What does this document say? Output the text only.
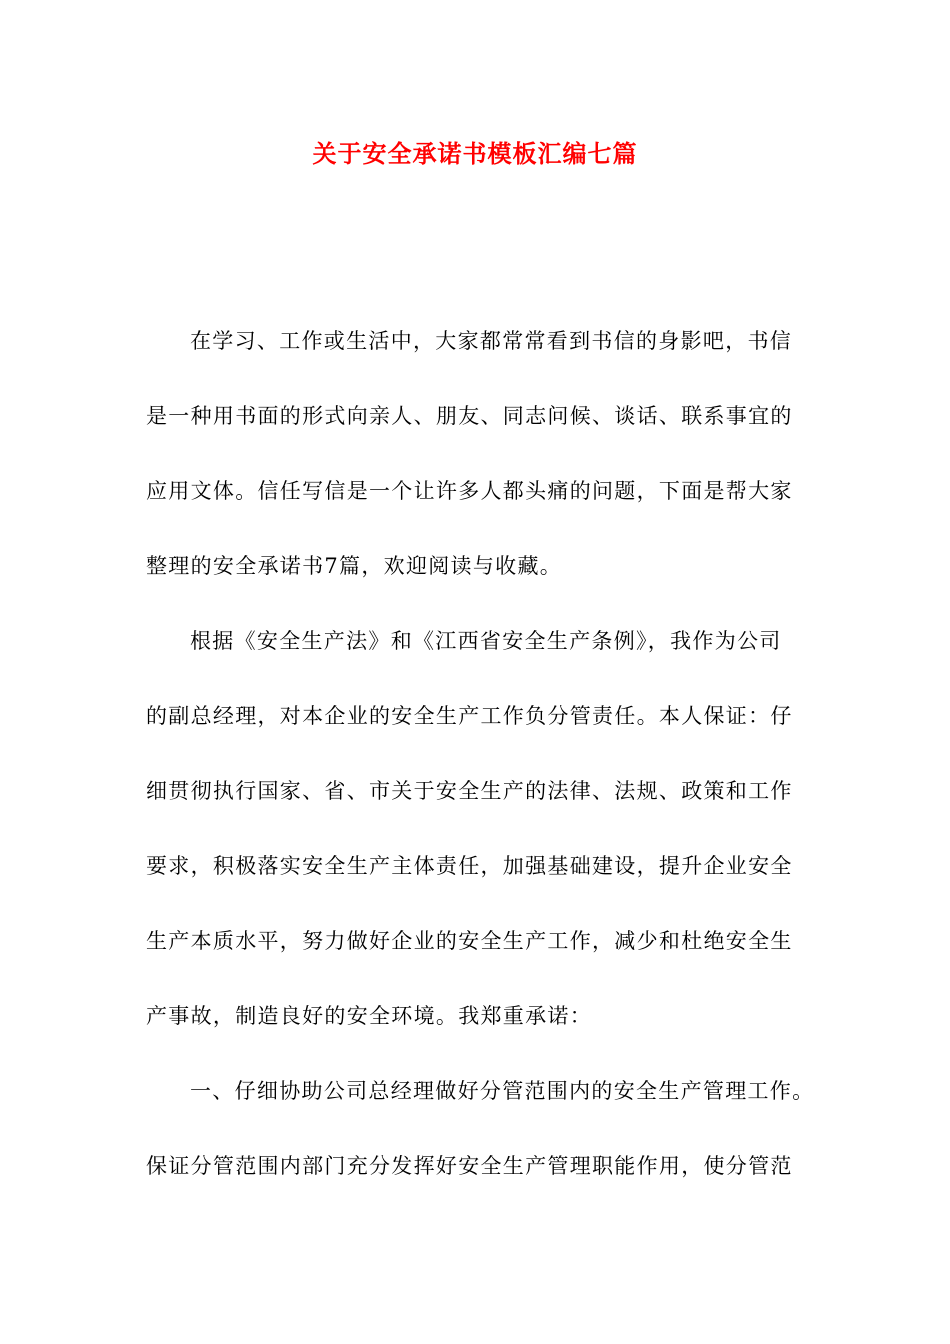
关于安全承诺书模板汇编七篇
在学习、工作或生活中，大家都常常看到书信的身影吧，书信
是一种用书面的形式向亲人、朋友、同志问候、谈话、联系事宜的
应用文体。信任写信是一个让许多人都头痛的问题，下面是帮大家
整理的安全承诺书7篇，欢迎阅读与收藏。
根据《安全生产法》和《江西省安全生产条例》，我作为公司
的副总经理，对本企业的安全生产工作负分管责任。本人保证：仔
细贯彻执行国家、省、市关于安全生产的法律、法规、政策和工作
要求，积极落实安全生产主体责任，加强基础建设，提升企业安全
生产本质水平，努力做好企业的安全生产工作，减少和杜绝安全生
产事故，制造良好的安全环境。我郑重承诺：
一、仔细协助公司总经理做好分管范围内的安全生产管理工作。
保证分管范围内部门充分发挥好安全生产管理职能作用，使分管范
